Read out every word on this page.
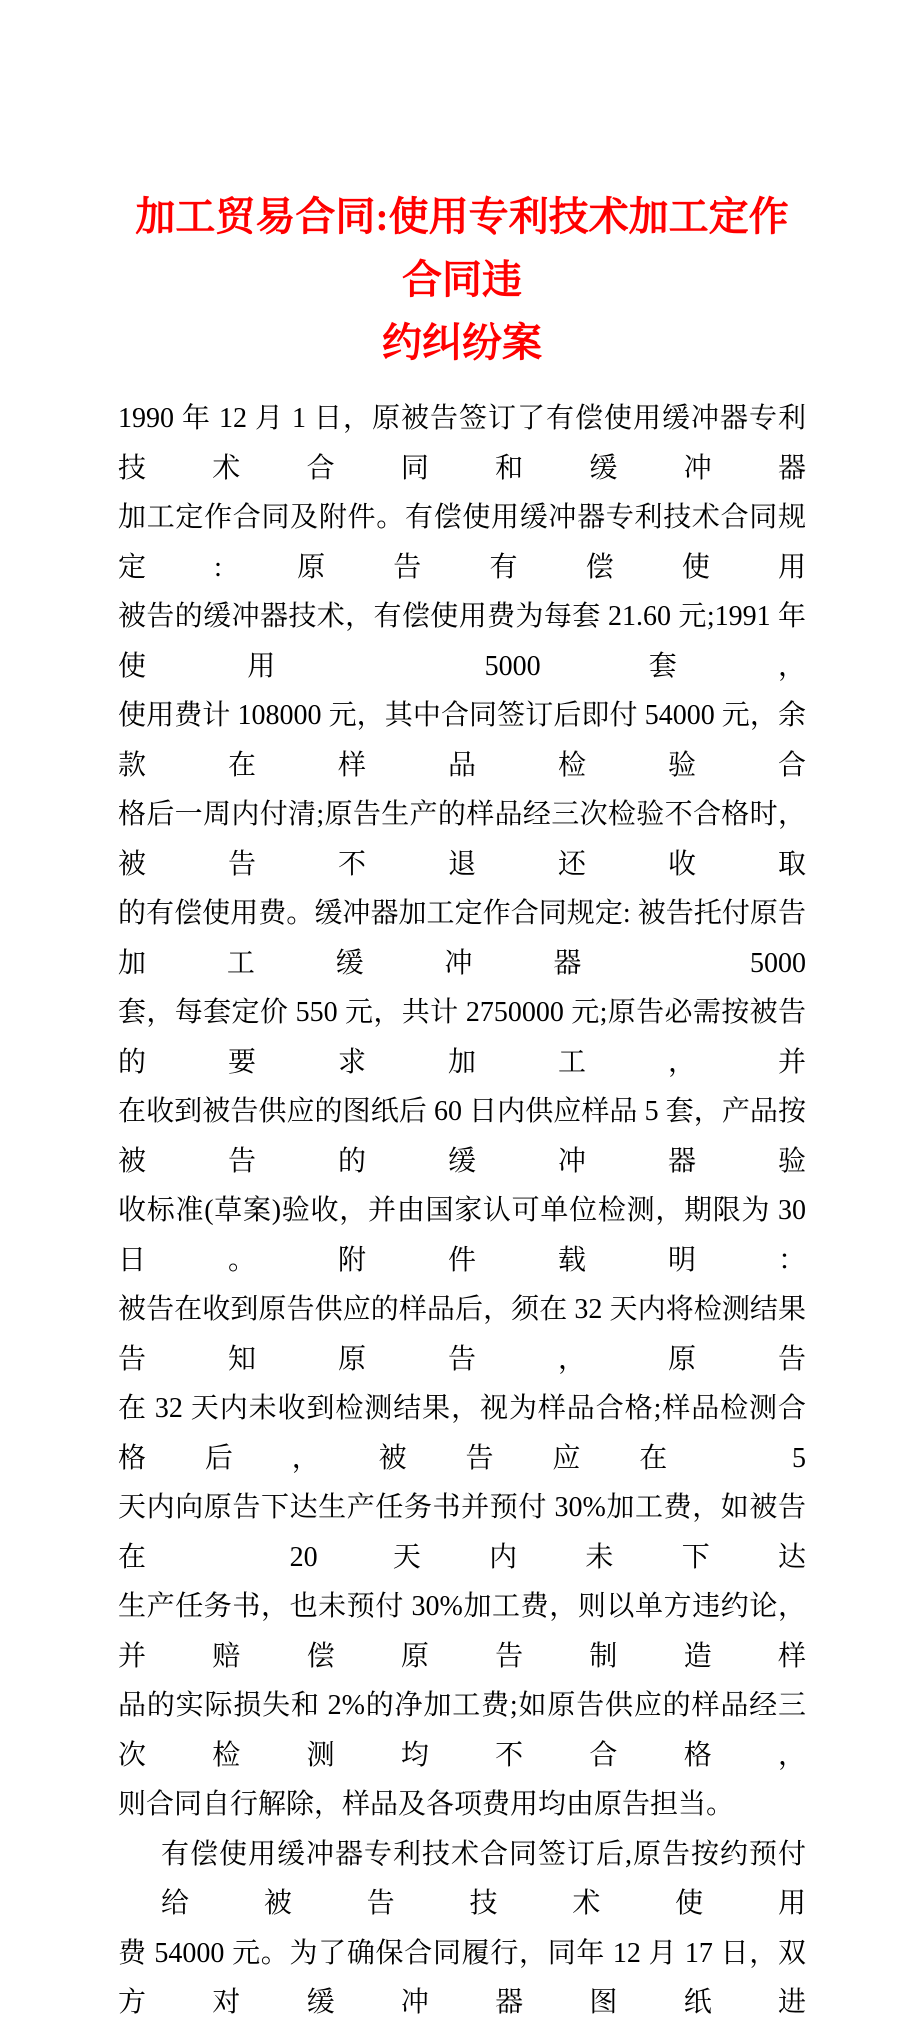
加工贸易合同:使用专利技术加工定作合同违
约纠纷案
1990 年 12 月 1 日，原被告签订了有偿使用缓冲器专利技术合同和缓冲器
加工定作合同及附件。有偿使用缓冲器专利技术合同规定: 原告有偿使用
被告的缓冲器技术，有偿使用费为每套 21.60 元;1991 年使用 5000 套，
使用费计 108000 元，其中合同签订后即付 54000 元，余款在样品检验合
格后一周内付清;原告生产的样品经三次检验不合格时，被告不退还收取
的有偿使用费。缓冲器加工定作合同规定: 被告托付原告加工缓冲器 5000
套，每套定价 550 元，共计 2750000 元;原告必需按被告的要求加工，并
在收到被告供应的图纸后 60 日内供应样品 5 套，产品按被告的缓冲器验
收标准(草案)验收，并由国家认可单位检测，期限为 30 日。附件载明：
被告在收到原告供应的样品后，须在 32 天内将检测结果告知原告，原告
在 32 天内未收到检测结果，视为样品合格;样品检测合格后，被告应在 5
天内向原告下达生产任务书并预付 30%加工费，如被告在 20 天内未下达
生产任务书，也未预付 30%加工费，则以单方违约论，并赔偿原告制造样
品的实际损失和 2%的净加工费;如原告供应的样品经三次检测均不合格，
则合同自行解除，样品及各项费用均由原告担当。
有偿使用缓冲器专利技术合同签订后,原告按约预付给被告技术使用
费 54000 元。为了确保合同履行，同年 12 月 17 日，双方对缓冲器图纸进
